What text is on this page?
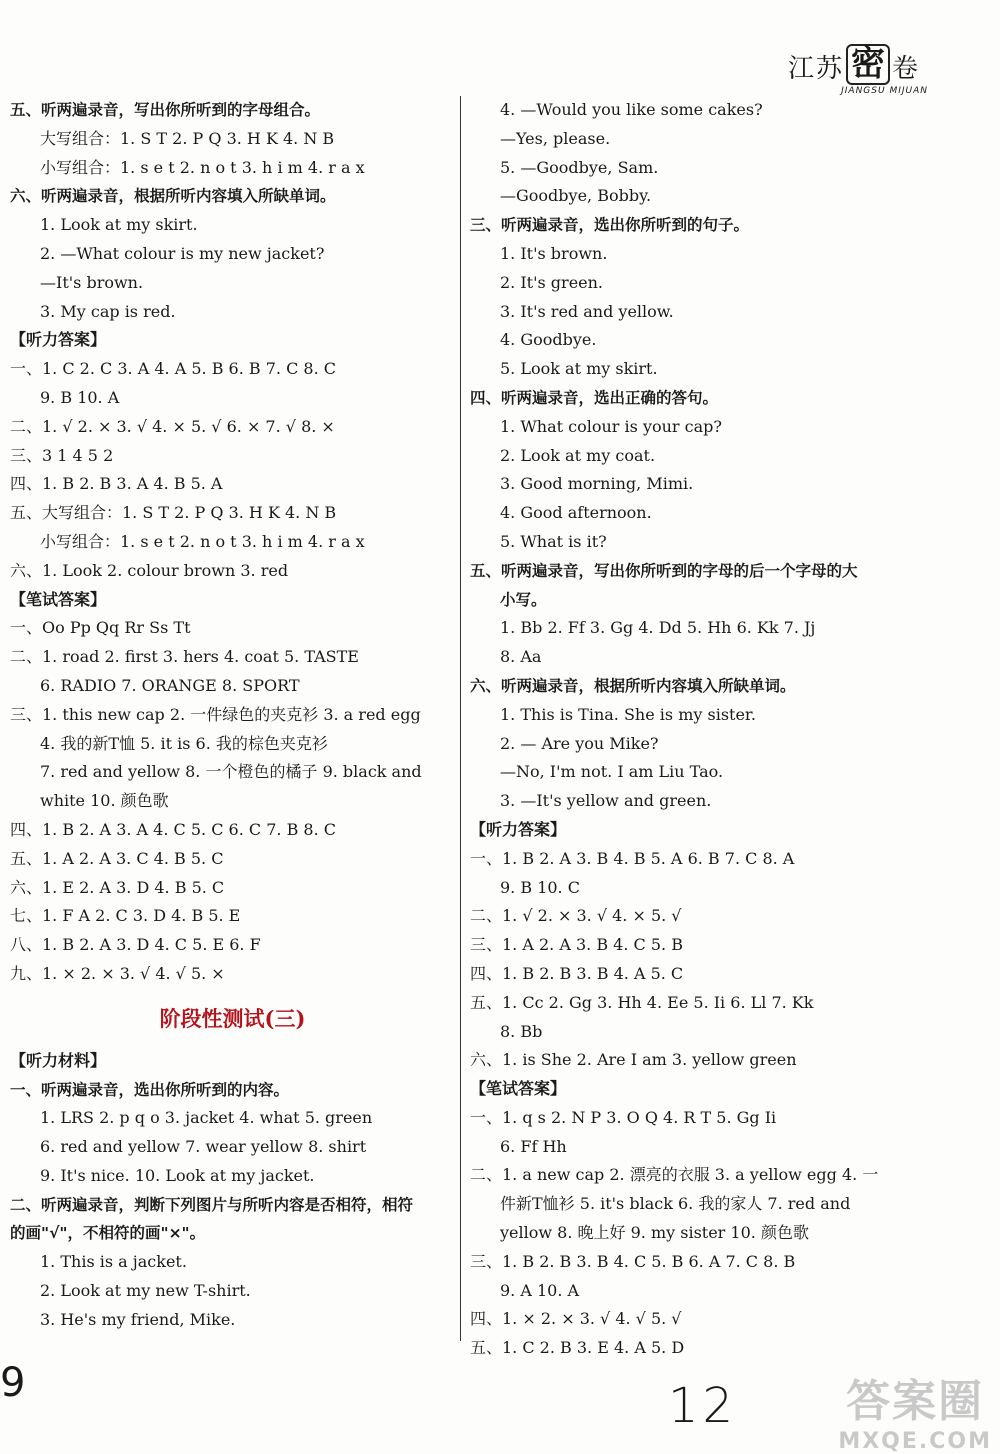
江苏 密 卷
JIANGSU MIJUAN
五、听两遍录音，写出你所听到的字母组合。
大写组合：1. S T 2. P Q 3. H K 4. N B
小写组合：1. s e t 2. n o t 3. h i m 4. r a x
六、听两遍录音，根据所听内容填入所缺单词。
1. Look at my skirt.
2. —What colour is my new jacket?
—It's brown.
3. My cap is red.
【听力答案】
一、1. C 2. C 3. A 4. A 5. B 6. B 7. C 8. C
9. B 10. A
二、1. √ 2. × 3. √ 4. × 5. √ 6. × 7. √ 8. ×
三、3 1 4 5 2
四、1. B 2. B 3. A 4. B 5. A
五、大写组合：1. S T 2. P Q 3. H K 4. N B
小写组合：1. s e t 2. n o t 3. h i m 4. r a x
六、1. Look 2. colour brown 3. red
【笔试答案】
一、Oo Pp Qq Rr Ss Tt
二、1. road 2. first 3. hers 4. coat 5. TASTE
6. RADIO 7. ORANGE 8. SPORT
三、1. this new cap 2. 一件绿色的夹克衫 3. a red egg
4. 我的新T恤 5. it is 6. 我的棕色夹克衫
7. red and yellow 8. 一个橙色的橘子 9. black and
white 10. 颜色歌
四、1. B 2. A 3. A 4. C 5. C 6. C 7. B 8. C
五、1. A 2. A 3. C 4. B 5. C
六、1. E 2. A 3. D 4. B 5. C
七、1. F A 2. C 3. D 4. B 5. E
八、1. B 2. A 3. D 4. C 5. E 6. F
九、1. × 2. × 3. √ 4. √ 5. ×
阶段性测试(三)
【听力材料】
一、听两遍录音，选出你所听到的内容。
1. LRS 2. p q o 3. jacket 4. what 5. green
6. red and yellow 7. wear yellow 8. shirt
9. It's nice. 10. Look at my jacket.
二、听两遍录音，判断下列图片与所听内容是否相符，相符
的画"√"，不相符的画"×"。
1. This is a jacket.
2. Look at my new T-shirt.
3. He's my friend, Mike.
4. —Would you like some cakes?
—Yes, please.
5. —Goodbye, Sam.
—Goodbye, Bobby.
三、听两遍录音，选出你所听到的句子。
1. It's brown.
2. It's green.
3. It's red and yellow.
4. Goodbye.
5. Look at my skirt.
四、听两遍录音，选出正确的答句。
1. What colour is your cap?
2. Look at my coat.
3. Good morning, Mimi.
4. Good afternoon.
5. What is it?
五、听两遍录音，写出你所听到的字母的后一个字母的大
小写。
1. Bb 2. Ff 3. Gg 4. Dd 5. Hh 6. Kk 7. Jj
8. Aa
六、听两遍录音，根据所听内容填入所缺单词。
1. This is Tina. She is my sister.
2. — Are you Mike?
—No, I'm not. I am Liu Tao.
3. —It's yellow and green.
【听力答案】
一、1. B 2. A 3. B 4. B 5. A 6. B 7. C 8. A
9. B 10. C
二、1. √ 2. × 3. √ 4. × 5. √
三、1. A 2. A 3. B 4. C 5. B
四、1. B 2. B 3. B 4. A 5. C
五、1. Cc 2. Gg 3. Hh 4. Ee 5. Ii 6. Ll 7. Kk
8. Bb
六、1. is She 2. Are I am 3. yellow green
【笔试答案】
一、1. q s 2. N P 3. O Q 4. R T 5. Gg Ii
6. Ff Hh
二、1. a new cap 2. 漂亮的衣服 3. a yellow egg 4. 一
件新T恤衫 5. it's black 6. 我的家人 7. red and
yellow 8. 晚上好 9. my sister 10. 颜色歌
三、1. B 2. B 3. B 4. C 5. B 6. A 7. C 8. B
9. A 10. A
四、1. × 2. × 3. √ 4. √ 5. √
五、1. C 2. B 3. E 4. A 5. D
9	12 答案圈
MXQE.COM
